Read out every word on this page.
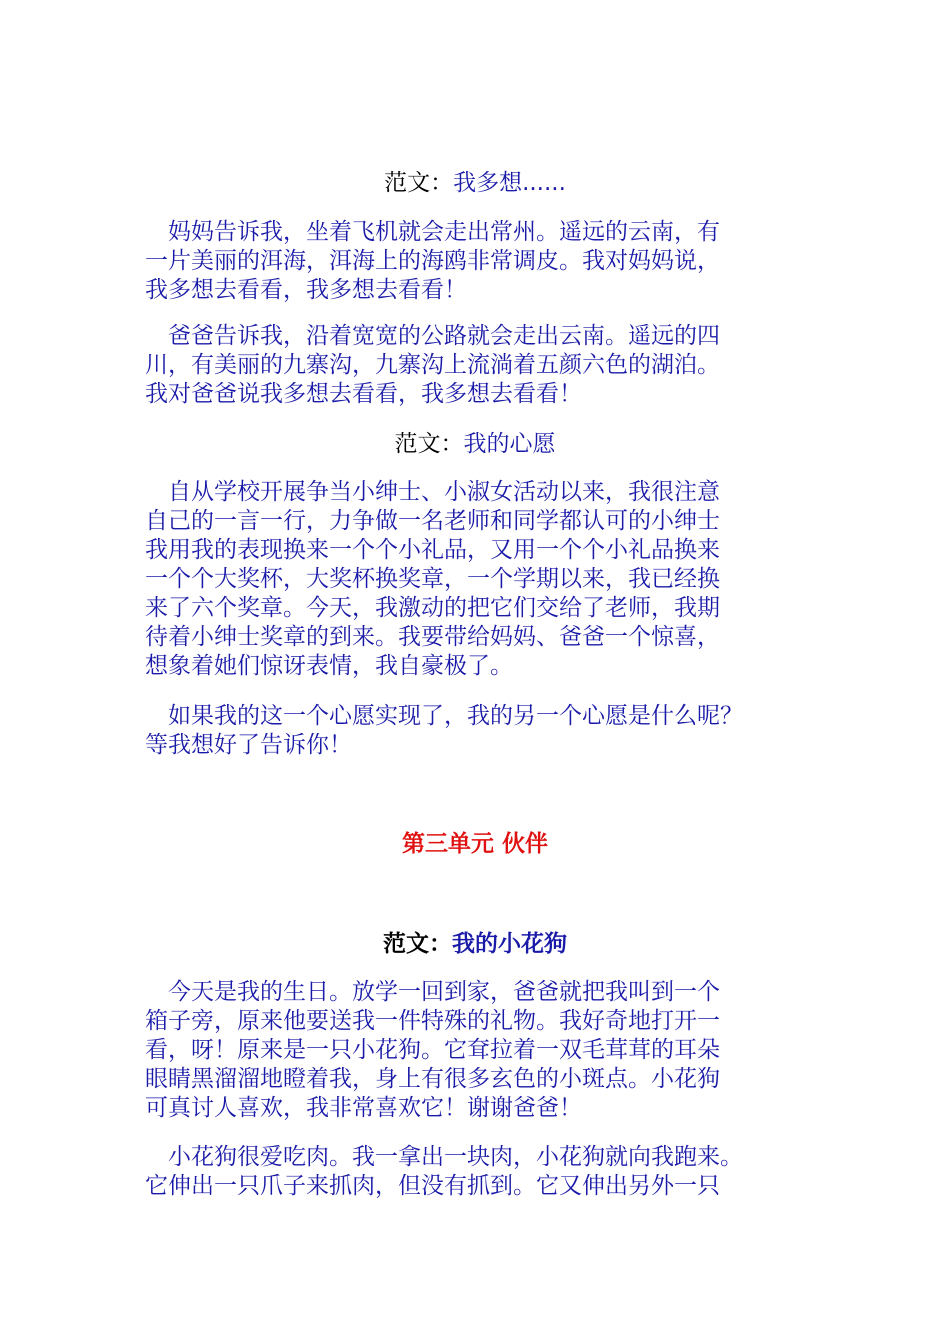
范文：我多想......
　妈妈告诉我，坐着飞机就会走出常州。遥远的云南，有
一片美丽的洱海，洱海上的海鸥非常调皮。我对妈妈说，
我多想去看看，我多想去看看！
　爸爸告诉我，沿着宽宽的公路就会走出云南。遥远的四
川，有美丽的九寨沟，九寨沟上流淌着五颜六色的湖泊。
我对爸爸说我多想去看看，我多想去看看！
范文：我的心愿
　自从学校开展争当小绅士、小淑女活动以来，我很注意
自己的一言一行，力争做一名老师和同学都认可的小绅士
我用我的表现换来一个个小礼品，又用一个个小礼品换来
一个个大奖杯，大奖杯换奖章，一个学期以来，我已经换
来了六个奖章。今天，我激动的把它们交给了老师，我期
待着小绅士奖章的到来。我要带给妈妈、爸爸一个惊喜，
想象着她们惊讶表情，我自豪极了。
　如果我的这一个心愿实现了，我的另一个心愿是什么呢？
等我想好了告诉你！
第三单元 伙伴
范文：我的小花狗
　今天是我的生日。放学一回到家，爸爸就把我叫到一个
箱子旁，原来他要送我一件特殊的礼物。我好奇地打开一
看，呀！原来是一只小花狗。它耷拉着一双毛茸茸的耳朵
眼睛黑溜溜地瞪着我，身上有很多玄色的小斑点。小花狗
可真讨人喜欢，我非常喜欢它！谢谢爸爸！
　小花狗很爱吃肉。我一拿出一块肉，小花狗就向我跑来。
它伸出一只爪子来抓肉，但没有抓到。它又伸出另外一只
